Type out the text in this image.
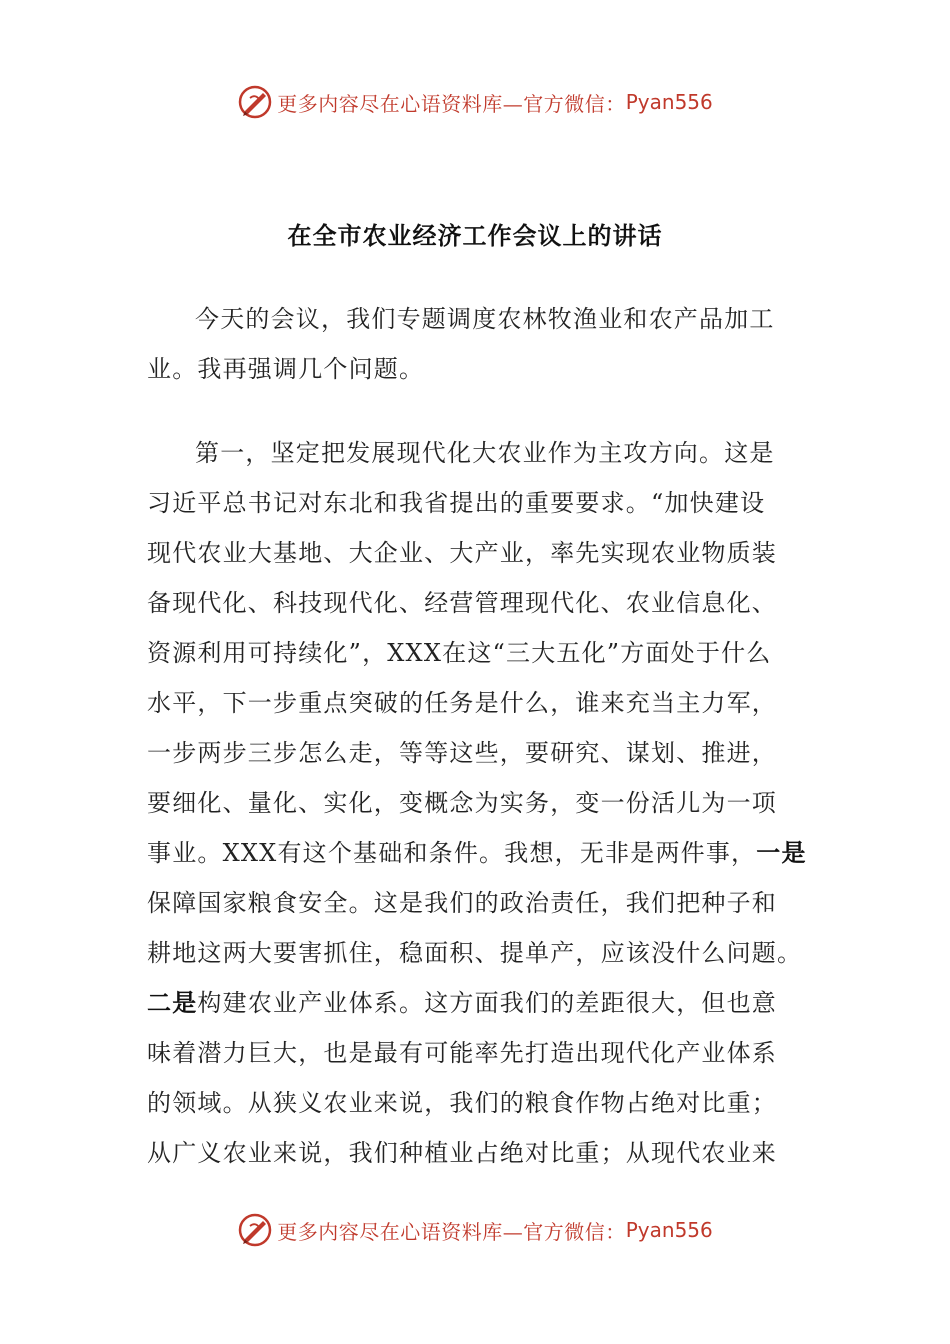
更多内容尽在心语资料库—官方微信： Pyan556
在全市农业经济工作会议上的讲话
今天的会议，我们专题调度农林牧渔业和农产品加工
业。我再强调几个问题。
第一，坚定把发展现代化大农业作为主攻方向。这是
习近平总书记对东北和我省提出的重要要求。“加快建设
现代农业大基地、大企业、大产业，率先实现农业物质装
备现代化、科技现代化、经营管理现代化、农业信息化、
资源利用可持续化”，XXX在这“三大五化”方面处于什么
水平，下一步重点突破的任务是什么，谁来充当主力军，
一步两步三步怎么走，等等这些，要研究、谋划、推进，
要细化、量化、实化，变概念为实务，变一份活儿为一项
事业。XXX有这个基础和条件。我想，无非是两件事，一是
保障国家粮食安全。这是我们的政治责任，我们把种子和
耕地这两大要害抓住，稳面积、提单产，应该没什么问题。
二是构建农业产业体系。这方面我们的差距很大，但也意
味着潜力巨大，也是最有可能率先打造出现代化产业体系
的领域。从狭义农业来说，我们的粮食作物占绝对比重；
从广义农业来说，我们种植业占绝对比重；从现代农业来
更多内容尽在心语资料库—官方微信： Pyan556
